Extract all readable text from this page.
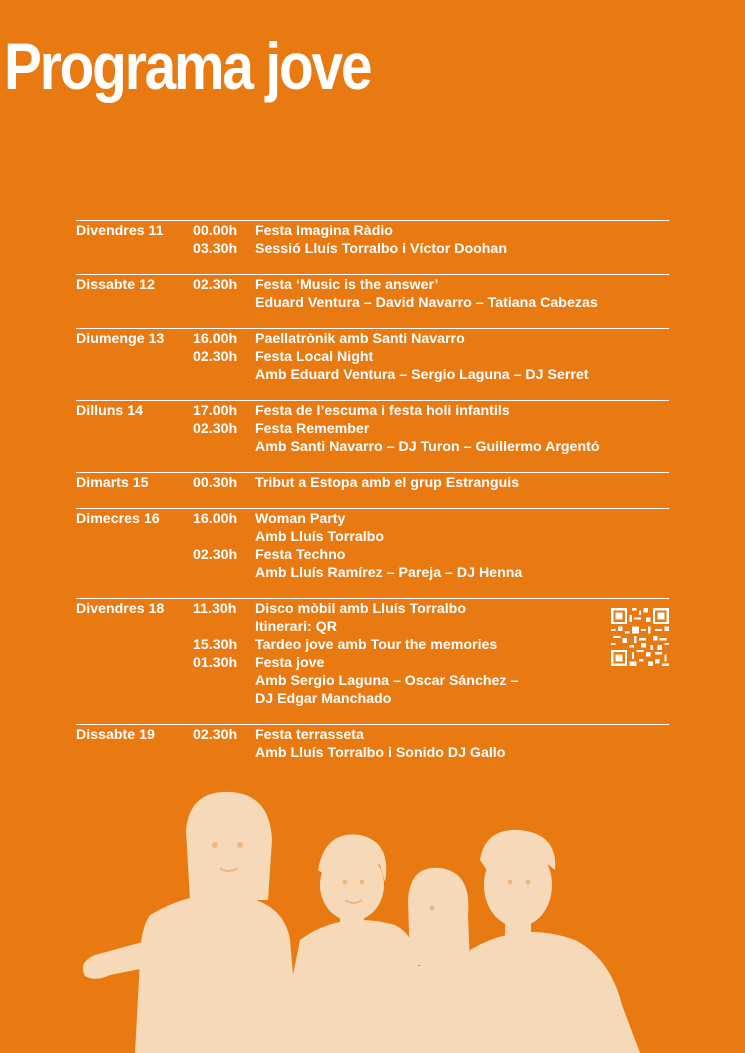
Programa jove
Divendres 11	00.00h	Festa Imagina Ràdio
03.30h	Sessió Lluís Torralbo i Víctor Doohan
Dissabte 12	02.30h	Festa ‘Music is the answer’
Eduard Ventura – David Navarro – Tatiana Cabezas
Diumenge 13	16.00h	Paellatrònik amb Santi Navarro
02.30h	Festa Local Night
Amb Eduard Ventura – Sergio Laguna – DJ Serret
Dilluns 14	17.00h	Festa de l’escuma i festa holi infantils
02.30h	Festa Remember
Amb Santi Navarro – DJ Turon – Guillermo Argentó
Dimarts 15	00.30h	Tribut a Estopa amb el grup Estranguis
Dimecres 16	16.00h	Woman Party
Amb Lluís Torralbo
02.30h	Festa Techno
Amb Lluís Ramírez – Pareja – DJ Henna
Divendres 18	11.30h	Disco mòbil amb Lluís Torralbo
Itinerari: QR
15.30h	Tardeo jove amb Tour the memories
01.30h	Festa jove
Amb Sergio Laguna – Oscar Sánchez –
DJ Edgar Manchado
Dissabte 19	02.30h	Festa terrasseta
Amb Lluís Torralbo i Sonido DJ Gallo
